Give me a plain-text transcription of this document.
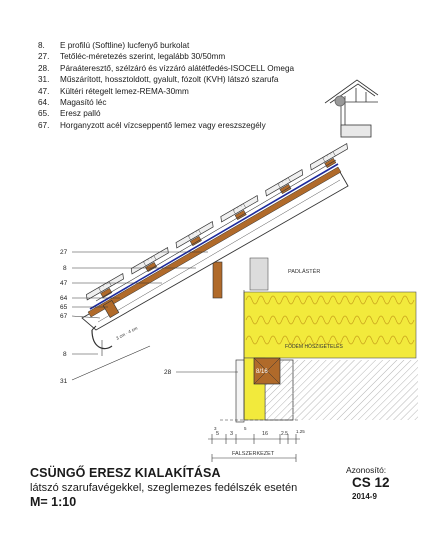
8.	E profilú (Softline) lucfenyő burkolat
27.	Tetőléc-méretezés szerint, legalább 30/50mm
28.	Páraáteresztő, szélzáró és vízzáró alátétfedés-ISOCELL Omega
31.	Műszárított, hossztoldott, gyalult, fózolt (KVH) látszó szarufa
47.	Kültéri rétegelt lemez-REMA-30mm
64.	Magasító léc
65.	Eresz palló
67.	Horganyzott acél vízcseppentő lemez vagy ereszszegély
3 cm · 4 cm
27
8
47
64
65
67
8
31
28
PADLÁSTÉR
FÖDÉM HŐSZIGETELÉS
8/16
5 3	16	2.5 1.25
3	5
FALSZERKEZET
CSÜNGŐ ERESZ KIALAKÍTÁSA
látszó szarufavégekkel, szeglemezes fedélszék esetén
M= 1:10
Azonosító:
CS 12
2014-9
